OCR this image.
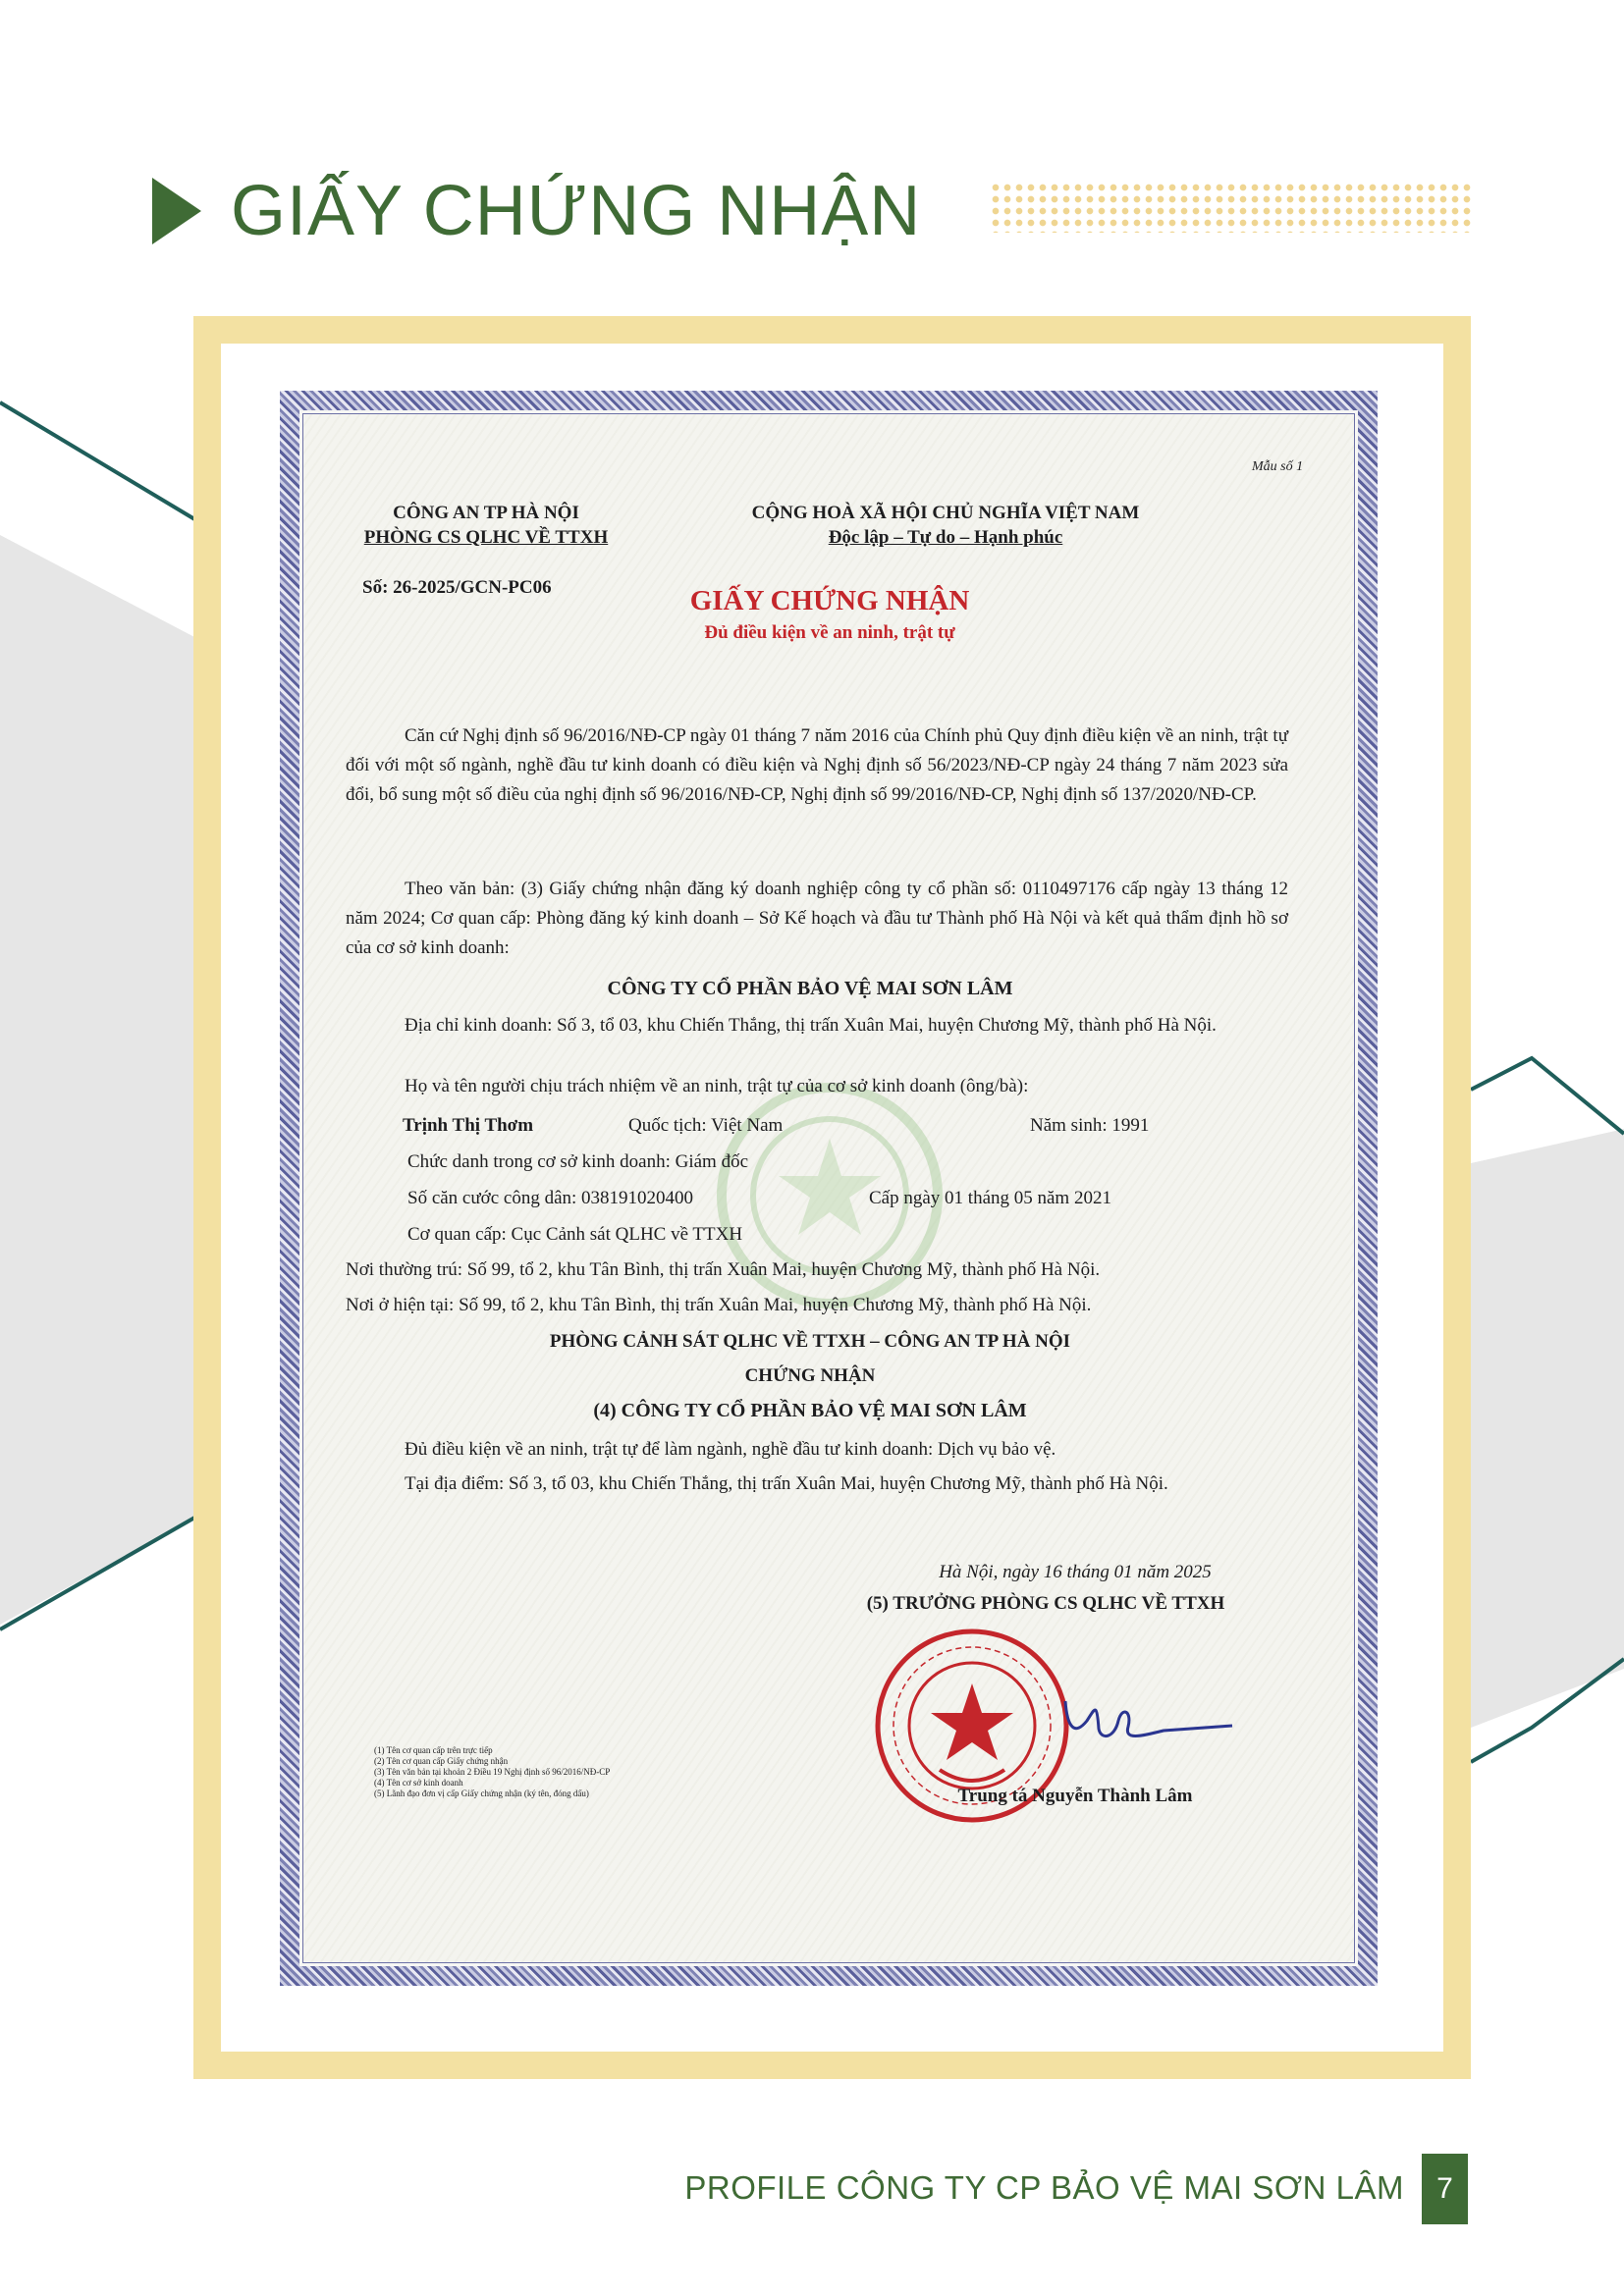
GIẤY CHỨNG NHẬN
Mẫu số 1
CÔNG AN TP HÀ NỘI
PHÒNG CS QLHC VỀ TTXH
CỘNG HOÀ XÃ HỘI CHỦ NGHĨA VIỆT NAM
Độc lập – Tự do – Hạnh phúc
Số: 26-2025/GCN-PC06	GIẤY CHỨNG NHẬN
Đủ điều kiện về an ninh, trật tự
Căn cứ Nghị định số 96/2016/NĐ-CP ngày 01 tháng 7 năm 2016 của Chính phủ Quy định điều kiện về an ninh, trật tự đối với một số ngành, nghề đầu tư kinh doanh có điều kiện và Nghị định số 56/2023/NĐ-CP ngày 24 tháng 7 năm 2023 sửa đổi, bổ sung một số điều của nghị định số 96/2016/NĐ-CP, Nghị định số 99/2016/NĐ-CP, Nghị định số 137/2020/NĐ-CP.
Theo văn bản: (3) Giấy chứng nhận đăng ký doanh nghiệp công ty cổ phần số: 0110497176 cấp ngày 13 tháng 12 năm 2024; Cơ quan cấp: Phòng đăng ký kinh doanh – Sở Kế hoạch và đầu tư Thành phố Hà Nội và kết quả thẩm định hồ sơ của cơ sở kinh doanh:
CÔNG TY CỔ PHẦN BẢO VỆ MAI SƠN LÂM
Địa chỉ kinh doanh: Số 3, tổ 03, khu Chiến Thắng, thị trấn Xuân Mai, huyện Chương Mỹ, thành phố Hà Nội.
Họ và tên người chịu trách nhiệm về an ninh, trật tự của cơ sở kinh doanh (ông/bà):
Trịnh Thị Thơm	Quốc tịch: Việt Nam	Năm sinh: 1991
Chức danh trong cơ sở kinh doanh: Giám đốc
Số căn cước công dân: 038191020400	Cấp ngày 01 tháng 05 năm 2021
Cơ quan cấp: Cục Cảnh sát QLHC về TTXH
Nơi thường trú: Số 99, tổ 2, khu Tân Bình, thị trấn Xuân Mai, huyện Chương Mỹ, thành phố Hà Nội.
Nơi ở hiện tại: Số 99, tổ 2, khu Tân Bình, thị trấn Xuân Mai, huyện Chương Mỹ, thành phố Hà Nội.
PHÒNG CẢNH SÁT QLHC VỀ TTXH – CÔNG AN TP HÀ NỘI
CHỨNG NHẬN
(4) CÔNG TY CỔ PHẦN BẢO VỆ MAI SƠN LÂM
Đủ điều kiện về an ninh, trật tự để làm ngành, nghề đầu tư kinh doanh: Dịch vụ bảo vệ.
Tại địa điểm: Số 3, tổ 03, khu Chiến Thắng, thị trấn Xuân Mai, huyện Chương Mỹ, thành phố Hà Nội.
Hà Nội, ngày 16 tháng 01 năm 2025
(5) TRƯỞNG PHÒNG CS QLHC VỀ TTXH
Trung tá Nguyễn Thành Lâm
(1) Tên cơ quan cấp trên trực tiếp
(2) Tên cơ quan cấp Giấy chứng nhận
(3) Tên văn bản tại khoản 2 Điều 19 Nghị định số 96/2016/NĐ-CP
(4) Tên cơ sở kinh doanh
(5) Lãnh đạo đơn vị cấp Giấy chứng nhận (ký tên, đóng dấu)
PROFILE CÔNG TY CP BẢO VỆ MAI SƠN LÂM	7
